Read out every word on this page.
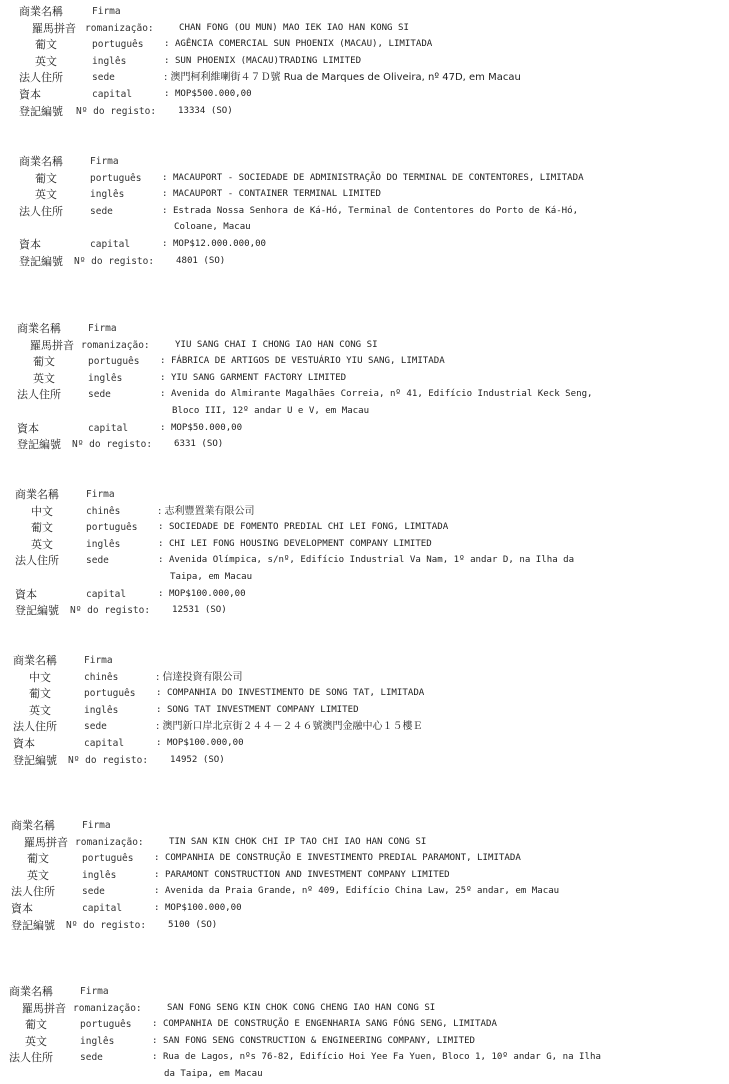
商業名稱	Firma
羅馬拼音 romanização:	CHAN FONG (OU MUN) MAO IEK IAO HAN KONG SI
葡文	português : AGÊNCIA COMERCIAL SUN PHOENIX (MACAU), LIMITADA
英文	inglês	: SUN PHOENIX (MACAU)TRADING LIMITED
法人住所	sede	: 澳門柯利維喇街４７Ｄ號 Rua de Marques de Oliveira, nº 47D, em Macau
資本	capital	: MOP$500.000,00
登記編號 Nº do registo: 13334 (SO)
商業名稱	Firma
葡文	português : MACAUPORT - SOCIEDADE DE ADMINISTRAÇÃO DO TERMINAL DE CONTENTORES, LIMITADA
英文	inglês	: MACAUPORT - CONTAINER TERMINAL LIMITED
法人住所	sede	: Estrada Nossa Senhora de Ká-Hó, Terminal de Contentores do Porto de Ká-Hó,
Coloane, Macau
資本	capital	: MOP$12.000.000,00
登記編號 Nº do registo: 4801 (SO)
商業名稱	Firma
羅馬拼音 romanização:	YIU SANG CHAI I CHONG IAO HAN CONG SI
葡文	português : FÁBRICA DE ARTIGOS DE VESTUÁRIO YIU SANG, LIMITADA
英文	inglês	: YIU SANG GARMENT FACTORY LIMITED
法人住所	sede	: Avenida do Almirante Magalhães Correia, nº 41, Edifício Industrial Keck Seng,
Bloco III, 12º andar U e V, em Macau
資本	capital	: MOP$50.000,00
登記編號 Nº do registo: 6331 (SO)
商業名稱	Firma
中文	chinês	: 志利豐置業有限公司
葡文	português : SOCIEDADE DE FOMENTO PREDIAL CHI LEI FONG, LIMITADA
英文	inglês	: CHI LEI FONG HOUSING DEVELOPMENT COMPANY LIMITED
法人住所	sede	: Avenida Olímpica, s/nº, Edifício Industrial Va Nam, 1º andar D, na Ilha da
Taipa, em Macau
資本	capital	: MOP$100.000,00
登記編號 Nº do registo: 12531 (SO)
商業名稱	Firma
中文	chinês	: 信達投資有限公司
葡文	português : COMPANHIA DO INVESTIMENTO DE SONG TAT, LIMITADA
英文	inglês	: SONG TAT INVESTMENT COMPANY LIMITED
法人住所	sede	: 澳門新口岸北京街２４４－２４６號澳門金融中心１５樓Ｅ
資本	capital	: MOP$100.000,00
登記編號 Nº do registo: 14952 (SO)
商業名稱	Firma
羅馬拼音 romanização:	TIN SAN KIN CHOK CHI IP TAO CHI IAO HAN CONG SI
葡文	português : COMPANHIA DE CONSTRUÇÃO E INVESTIMENTO PREDIAL PARAMONT, LIMITADA
英文	inglês	: PARAMONT CONSTRUCTION AND INVESTMENT COMPANY LIMITED
法人住所	sede	: Avenida da Praia Grande, nº 409, Edifício China Law, 25º andar, em Macau
資本	capital	: MOP$100.000,00
登記編號 Nº do registo: 5100 (SO)
商業名稱	Firma
羅馬拼音 romanização:	SAN FONG SENG KIN CHOK CONG CHENG IAO HAN CONG SI
葡文	português : COMPANHIA DE CONSTRUÇÃO E ENGENHARIA SANG FÓNG SENG, LIMITADA
英文	inglês	: SAN FONG SENG CONSTRUCTION & ENGINEERING COMPANY, LIMITED
法人住所	sede	: Rua de Lagos, nºs 76-82, Edifício Hoi Yee Fa Yuen, Bloco 1, 10º andar G, na Ilha
da Taipa, em Macau
